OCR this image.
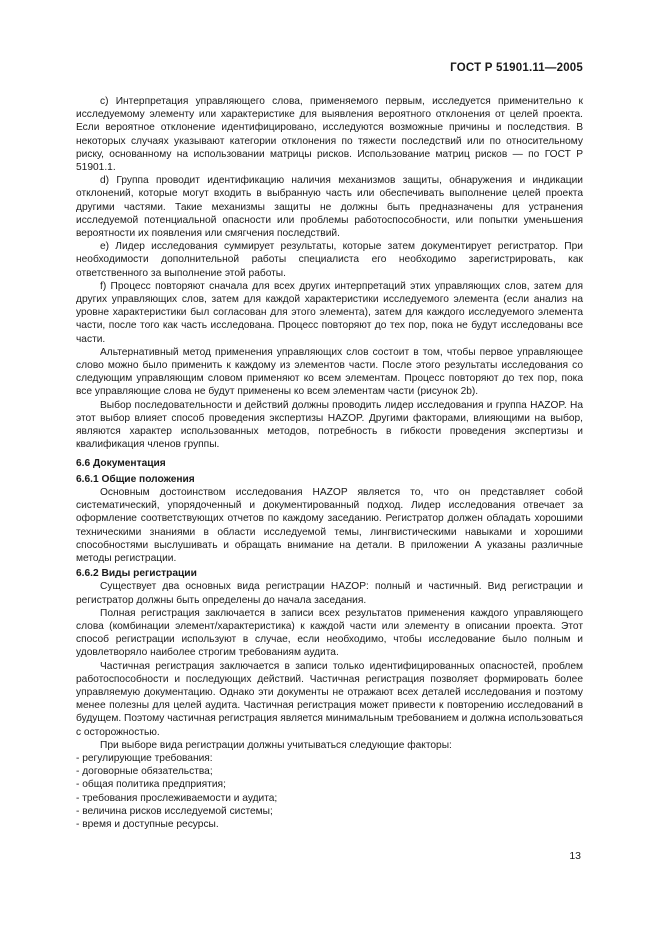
ГОСТ Р 51901.11—2005

с) Интерпретация управляющего слова, применяемого первым, исследуется применительно к исследуемому элементу или характеристике для выявления вероятного отклонения от целей проекта. Если вероятное отклонение идентифицировано, исследуются возможные причины и последствия. В некоторых случаях указывают категории отклонения по тяжести последствий или по относительному риску, основанному на использовании матрицы рисков. Использование матриц рисков — по ГОСТ Р 51901.1.

d) Группа проводит идентификацию наличия механизмов защиты, обнаружения и индикации отклонений, которые могут входить в выбранную часть или обеспечивать выполнение целей проекта другими частями. Такие механизмы защиты не должны быть предназначены для устранения исследуемой потенциальной опасности или проблемы работоспособности, или попытки уменьшения вероятности их появления или смягчения последствий.

е) Лидер исследования суммирует результаты, которые затем документирует регистратор. При необходимости дополнительной работы специалиста его необходимо зарегистрировать, как ответственного за выполнение этой работы.

f) Процесс повторяют сначала для всех других интерпретаций этих управляющих слов, затем для других управляющих слов, затем для каждой характеристики исследуемого элемента (если анализ на уровне характеристики был согласован для этого элемента), затем для каждого исследуемого элемента части, после того как часть исследована. Процесс повторяют до тех пор, пока не будут исследованы все части.

Альтернативный метод применения управляющих слов состоит в том, чтобы первое управляющее слово можно было применить к каждому из элементов части. После этого результаты исследования со следующим управляющим словом применяют ко всем элементам. Процесс повторяют до тех пор, пока все управляющие слова не будут применены ко всем элементам части (рисунок 2b).

Выбор последовательности и действий должны проводить лидер исследования и группа HAZOP. На этот выбор влияет способ проведения экспертизы HAZOP. Другими факторами, влияющими на выбор, являются характер использованных методов, потребность в гибкости проведения экспертизы и квалификация членов группы.

6.6 Документация
6.6.1 Общие положения

Основным достоинством исследования HAZOP является то, что он представляет собой систематический, упорядоченный и документированный подход. Лидер исследования отвечает за оформление соответствующих отчетов по каждому заседанию. Регистратор должен обладать хорошими техническими знаниями в области исследуемой темы, лингвистическими навыками и хорошими способностями выслушивать и обращать внимание на детали. В приложении А указаны различные методы регистрации.

6.6.2 Виды регистрации

Существует два основных вида регистрации HAZOP: полный и частичный. Вид регистрации и регистратор должны быть определены до начала заседания.

Полная регистрация заключается в записи всех результатов применения каждого управляющего слова (комбинации элемент/характеристика) к каждой части или элементу в описании проекта. Этот способ регистрации используют в случае, если необходимо, чтобы исследование было полным и удовлетворяло наиболее строгим требованиям аудита.

Частичная регистрация заключается в записи только идентифицированных опасностей, проблем работоспособности и последующих действий. Частичная регистрация позволяет формировать более управляемую документацию. Однако эти документы не отражают всех деталей исследования и поэтому менее полезны для целей аудита. Частичная регистрация может привести к повторению исследований в будущем. Поэтому частичная регистрация является минимальным требованием и должна использоваться с осторожностью.

При выборе вида регистрации должны учитываться следующие факторы:

- регулирующие требования:
- договорные обязательства;
- общая политика предприятия;
- требования прослеживаемости и аудита;
- величина рисков исследуемой системы;
- время и доступные ресурсы.
13
